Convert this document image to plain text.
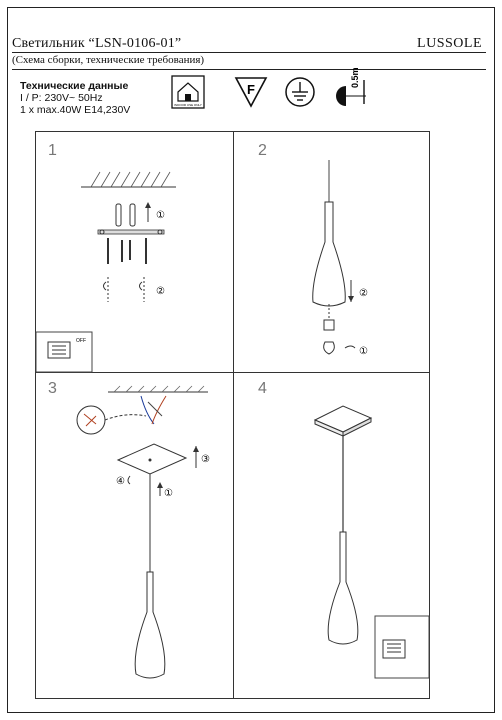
Светильник “LSN-0106-01”	LUSSOLE
(Схема сборки, технические требования)
Технические данные
I / P: 230V~ 50Hz
1 x max.40W E14,230V	INDOOR USE ONLY
F
0.5m
1
①
②
OFF
2
②
①
3
③
①
④
4
